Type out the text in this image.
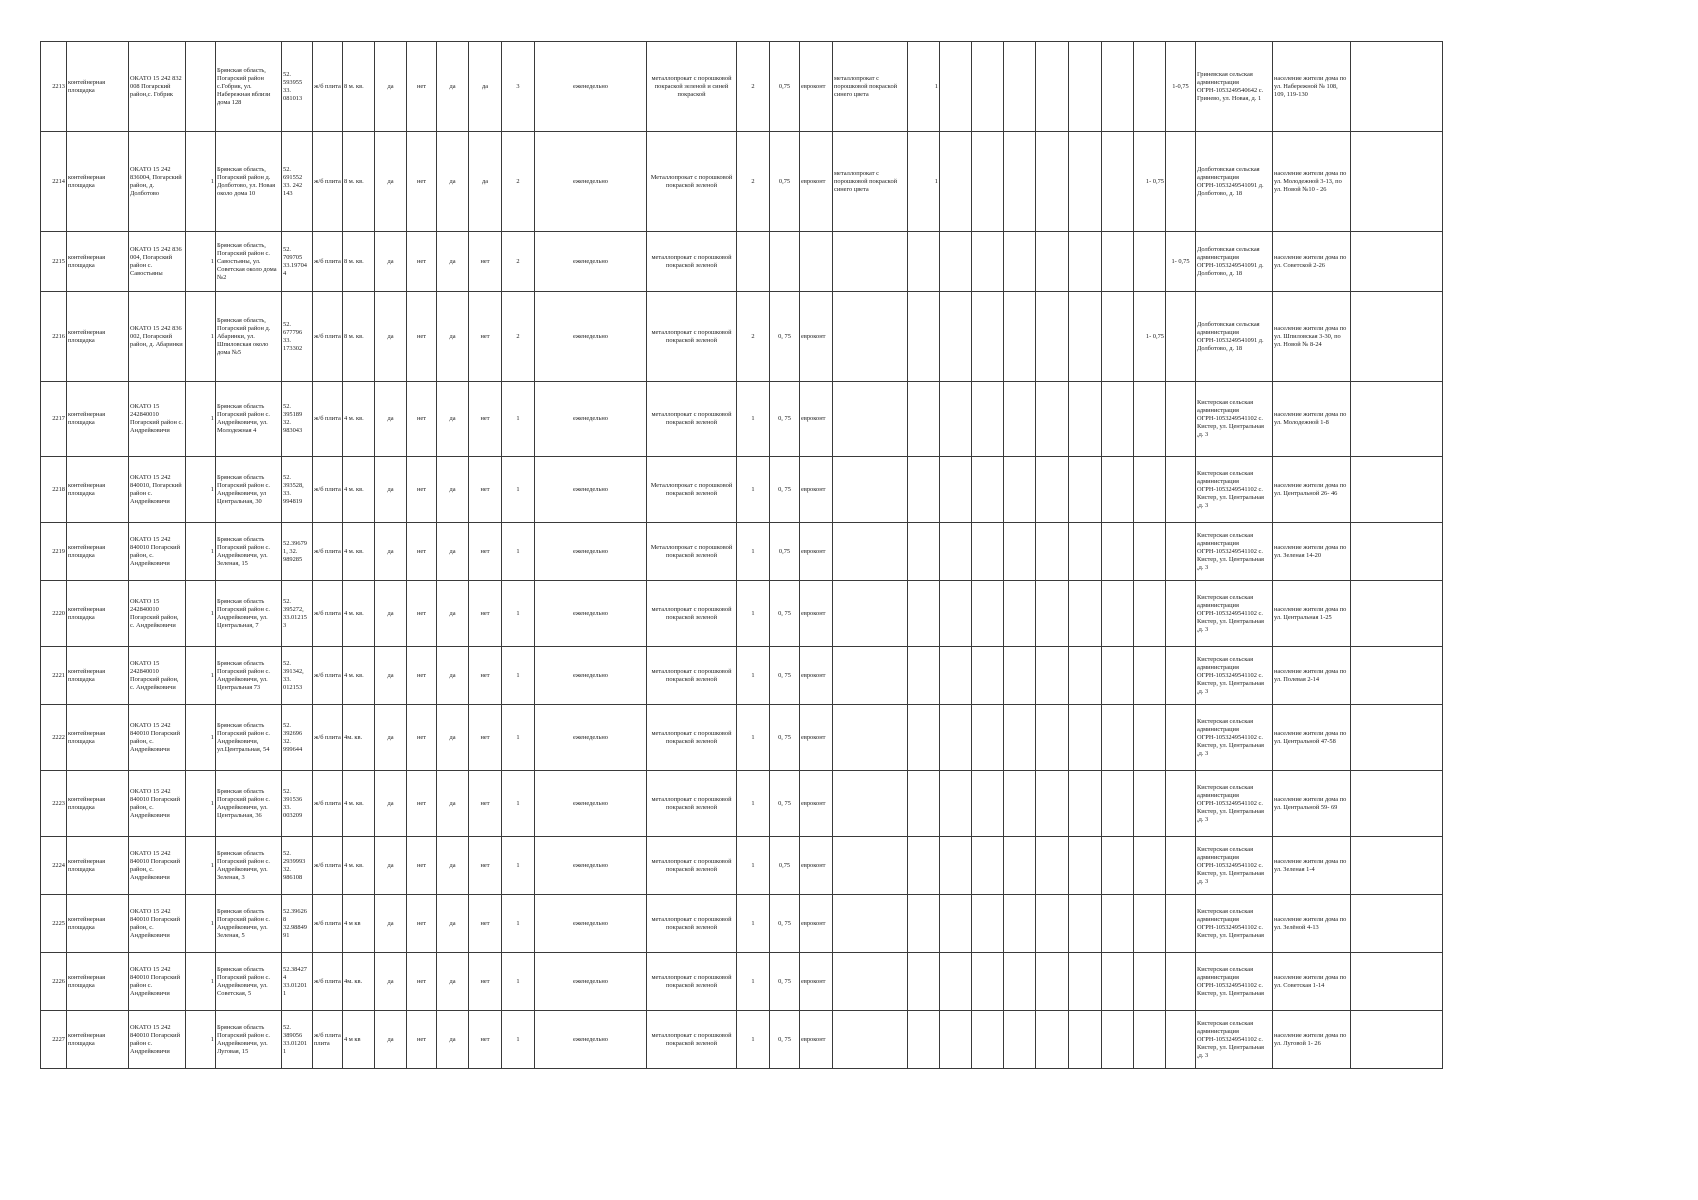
2213	контейнерная площадка	ОКАТО 15 242 832 008 Погарский район,с. Гобрик		Брянская область, Погарский район с.Гобрик, ул. Набережная вблизи дома 128	52. 593955 33. 081013	ж/б плита	8 м. кв.	да	нет	да	да	3	еженедельно	металлопрокат с порошковой покраской зеленой и синей покраской	2	0,75	евроконт	металлопрокат с порошковой покраской синего цвета	1								1-0,75	Гриневская сельская администрация ОГРН-1053249540642 с. Гринево, ул. Новая, д. 1	население жители дома по ул. Набережной № 108, 109, 119-130	
2214	контейнерная площадка	ОКАТО 15 242 836004, Погарский район, д. Долботово	1	Брянская область, Погарский район д. Долботово, ул. Новая около дома 10	52. 691552 33. 242 143	ж/б плита	8 м. кв.	да	нет	да	да	2	еженедельно	Металлопрокат с порошковой покраской зеленой	2	0,75	евроконт	металлопрокат с порошковой покраской синего цвета	1							1- 0,75		Долботовская сельская администрация ОГРН-1053249541091 д. Долботово, д. 18	население жители дома по ул. Молодежной 3-13, по ул. Новой №10 - 26	
2215	контейнерная площадка	ОКАТО 15 242 836 004, Погарский район с. Савостьяны	1	Брянская область, Погарский район с. Савостьяны, ул. Советская около дома №2	52. 709705 33.19704 4	ж/б плита	8 м. кв.	да	нет	да	нет	2	еженедельно	металлопрокат с порошковой покраской зеленой													1- 0,75	Долботовская сельская администрация ОГРН-1053249541091 д. Долботово, д. 18	население жители дома по ул. Советской 2-26	
2216	контейнерная площадка	ОКАТО 15 242 836 002, Погарский район, д. Абаринки	1	Брянская область, Погарский район д. Абаринки, ул. Шпиловская около дома №5	52. 677796 33. 173302	ж/б плита	8 м. кв.	да	нет	да	нет	2	еженедельно	металлопрокат с порошковой покраской зеленой	2	0, 75	евроконт									1- 0,75		Долботовская сельская администрация ОГРН-1053249541091 д. Долботово, д. 18	население жители дома по ул. Шпиловская 3-30, по ул. Новой № 8-24	
2217	контейнерная площадка	ОКАТО 15 242840010 Погарский район с. Андрейковичи	1	Брянская область Погарский район с. Андрейковичи, ул. Молодежная 4	52. 395189 32. 983043	ж/б плита	4 м. кв.	да	нет	да	нет	1	еженедельно	металлопрокат с порошковой покраской зеленой	1	0, 75	евроконт											Кистерская сельская администрация ОГРН-1053249541102 с. Кистер, ул. Центральная ,д. 3	население жители дома по ул. Молодежной 1-8	
2218	контейнерная площадка	ОКАТО 15 242 840010, Погарский район с. Андрейковичи	1	Брянская область Погарский район с. Андрейковичи, ул Центральная, 30	52. 393528, 33. 994819	ж/б плита	4 м. кв.	да	нет	да	нет	1	еженедельно	Металлопрокат с порошковой покраской зеленой	1	0, 75	евроконт											Кистерская сельская администрация ОГРН-1053249541102 с. Кистер, ул. Центральная ,д. 3	население жители дома по ул. Центральной 26- 46	
2219	контейнерная площадка	ОКАТО 15 242 840010 Погарский район, с. Андрейковичи	1	Брянская область Погарский район с. Андрейковичи, ул. Зеленая, 15	52.39679 1, 32. 989285	ж/б плита	4 м. кв.	да	нет	да	нет	1	еженедельно	Металлопрокат с порошковой покраской зеленой	1	0,75	евроконт											Кистерская сельская администрация ОГРН-1053249541102 с. Кистер, ул. Центральная ,д. 3	население жители дома по ул. Зеленая 14-20	
2220	контейнерная площадка	ОКАТО 15 242840010 Погарский район, с. Андрейковичи	1	Брянская область Погарский район с. Андрейковичи, ул. Центральная, 7	52. 395272, 33.01215 3	ж/б плита	4 м. кв.	да	нет	да	нет	1	еженедельно	металлопрокат с порошковой покраской зеленой	1	0, 75	евроконт											Кистерская сельская администрация ОГРН-1053249541102 с. Кистер, ул. Центральная ,д. 3	население жители дома по ул. Центральная 1-25	
2221	контейнерная площадка	ОКАТО 15 242840010 Погарский район, с. Андрейковичи	1	Брянская область Погарский район с. Андрейковичи, ул. Центральная 73	52. 391342, 33. 012153	ж/б плита	4 м. кв.	да	нет	да	нет	1	еженедельно	металлопрокат с порошковой покраской зеленой	1	0, 75	евроконт											Кистерская сельская администрация ОГРН-1053249541102 с. Кистер, ул. Центральная ,д. 3	население жители дома по ул. Полевая 2-14	
2222	контейнерная площадка	ОКАТО 15 242 840010 Погарский район, с. Андрейковичи	1	Брянская область Погарский район с. Андрейковичи, ул.Центральная, 54	52. 392696 32. 999644	ж/б плита	4м. кв.	да	нет	да	нет	1	еженедельно	металлопрокат с порошковой покраской зеленой	1	0, 75	евроконт											Кистерская сельская администрация ОГРН-1053249541102 с. Кистер, ул. Центральная ,д. 3	население жители дома по ул. Центральной 47-58	
2223	контейнерная площадка	ОКАТО 15 242 840010 Погарский район, с. Андрейковичи	1	Брянская область Погарский район с. Андрейковичи, ул. Центральная, 36	52. 391536 33. 003209	ж/б плита	4 м. кв.	да	нет	да	нет	1	еженедельно	металлопрокат с порошковой покраской зеленой	1	0, 75	евроконт											Кистерская сельская администрация ОГРН-1053249541102 с. Кистер, ул. Центральная ,д. 3	население жители дома по ул. Центральной 59- 69	
2224	контейнерная площадка	ОКАТО 15 242 840010 Погарский район, с. Андрейковичи	1	Брянская область Погарский район с. Андрейковичи, ул. Зеленая, 3	52. 2939993 32. 986108	ж/б плита	4 м. кв.	да	нет	да	нет	1	еженедельно	металлопрокат с порошковой покраской зеленой	1	0,75	евроконт											Кистерская сельская администрация ОГРН-1053249541102 с. Кистер, ул. Центральная ,д. 3	население жители дома по ул. Зеленая 1-4	
2225	контейнерная площадка	ОКАТО 15 242 840010 Погарский район, с. Андрейковичи	1	Брянская область Погарский район с. Андрейковичи, ул. Зеленая, 5	52.39626 8 32.98849 91	ж/б плита	4 м кв	да	нет	да	нет	1	еженедельно	металлопрокат с порошковой покраской зеленой	1	0, 75	евроконт											Кистерская сельская администрация ОГРН-1053249541102 с. Кистер, ул. Центральная	население жители дома по ул. Зелёной 4-13	
2226	контейнерная площадка	ОКАТО 15 242 840010 Погарский район с. Андрейковичи	1	Брянская область Погарский район с. Андрейковичи, ул. Советская, 5	52.38427 4 33.01201 1	ж/б плита	4м. кв.	да	нет	да	нет	1	еженедельно	металлопрокат с порошковой покраской зеленой	1	0, 75	евроконт											Кистерская сельская администрация ОГРН-1053249541102 с. Кистер, ул. Центральная	население жители дома по ул. Советская 1-14	
2227	контейнерная площадка	ОКАТО 15 242 840010 Погарский район с. Андрейковичи	1	Брянская область Погарский район с. Андрейковичи, ул. Луговая, 15	52. 389056 33.01201 1	ж/б плита плита	4 м кв	да	нет	да	нет	1	еженедельно	металлопрокат с порошковой покраской зеленой	1	0, 75	евроконт											Кистерская сельская администрация ОГРН-1053249541102 с. Кистер, ул. Центральная ,д. 3	население жители дома по ул. Луговой 1- 26	
